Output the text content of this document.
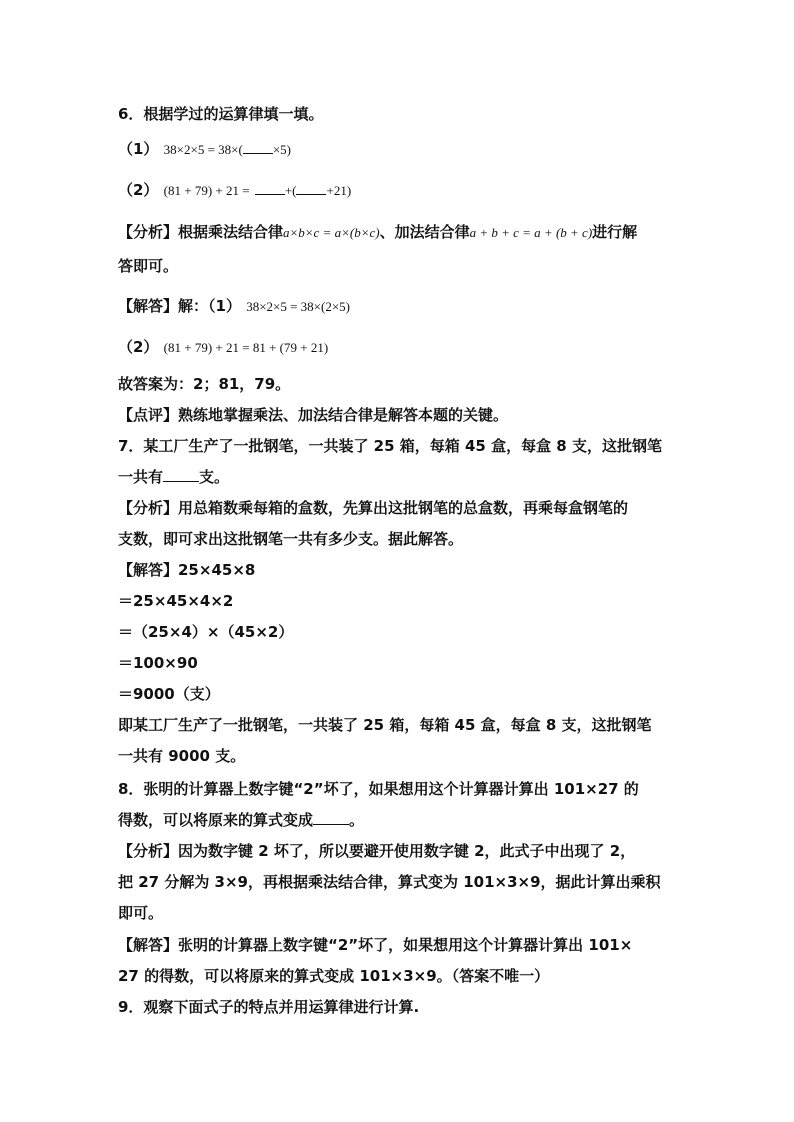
6．根据学过的运算律填一填。
（1） 38×2×5 = 38×( ×5)
（2） (81 + 79) + 21 =	+( +21)
【分析】根据乘法结合律a×b×c = a×(b×c)、加法结合律a + b + c = a + (b + c)进行解
答即可。
【解答】解：（1） 38×2×5 = 38×(2×5)
（2） (81 + 79) + 21 = 81 + (79 + 21)
故答案为：2；81，79。
【点评】熟练地掌握乘法、加法结合律是解答本题的关键。
7．某工厂生产了一批钢笔，一共装了 25 箱，每箱 45 盒，每盒 8 支，这批钢笔
一共有 支。
【分析】用总箱数乘每箱的盒数，先算出这批钢笔的总盒数，再乘每盒钢笔的
支数，即可求出这批钢笔一共有多少支。据此解答。
【解答】25×45×8
＝25×45×4×2
＝（25×4）×（45×2）
＝100×90
＝9000（支）
即某工厂生产了一批钢笔，一共装了 25 箱，每箱 45 盒，每盒 8 支，这批钢笔
一共有 9000 支。
8．张明的计算器上数字键“2”坏了，如果想用这个计算器计算出 101×27 的
得数，可以将原来的算式变成 。
【分析】因为数字键 2 坏了，所以要避开使用数字键 2，此式子中出现了 2，
把 27 分解为 3×9，再根据乘法结合律，算式变为 101×3×9，据此计算出乘积
即可。
【解答】张明的计算器上数字键“2”坏了，如果想用这个计算器计算出 101×
27 的得数，可以将原来的算式变成 101×3×9。（答案不唯一）
9．观察下面式子的特点并用运算律进行计算.
